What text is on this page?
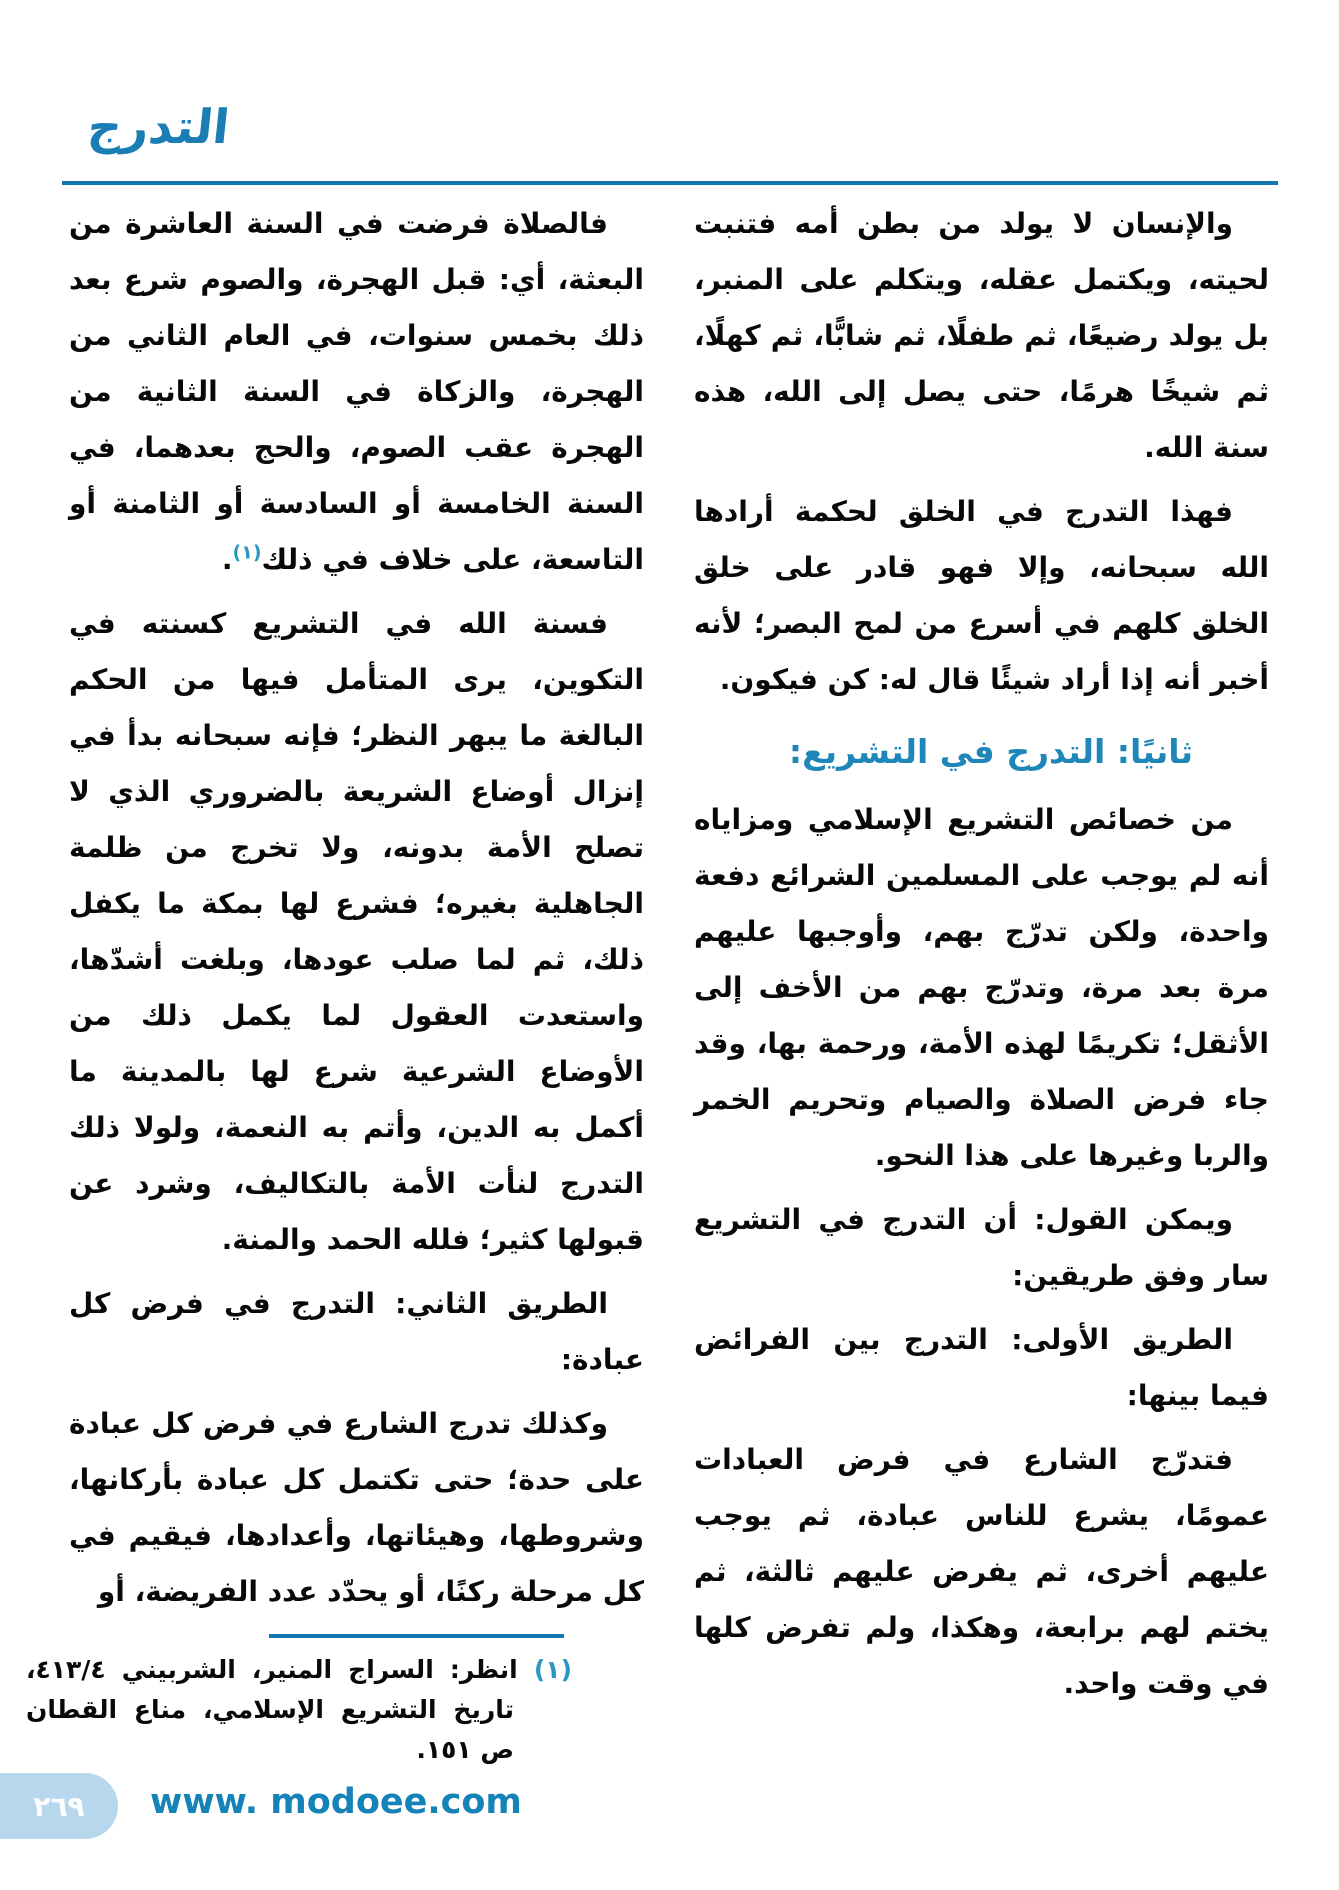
التدرج

والإنسان لا يولد من بطن أمه فتنبت لحيته، ويكتمل عقله، ويتكلم على المنبر، بل يولد رضيعًا، ثم طفلًا، ثم شابًّا، ثم كهلًا، ثم شيخًا هرمًا، حتى يصل إلى الله، هذه سنة الله.

فهذا التدرج في الخلق لحكمة أرادها الله سبحانه، وإلا فهو قادر على خلق الخلق كلهم في أسرع من لمح البصر؛ لأنه أخبر أنه إذا أراد شيئًا قال له: كن فيكون.

ثانيًا: التدرج في التشريع:

من خصائص التشريع الإسلامي ومزاياه أنه لم يوجب على المسلمين الشرائع دفعة واحدة، ولكن تدرّج بهم، وأوجبها عليهم مرة بعد مرة، وتدرّج بهم من الأخف إلى الأثقل؛ تكريمًا لهذه الأمة، ورحمة بها، وقد جاء فرض الصلاة والصيام وتحريم الخمر والربا وغيرها على هذا النحو.

ويمكن القول: أن التدرج في التشريع سار وفق طريقين:

الطريق الأولى: التدرج بين الفرائض فيما بينها:

فتدرّج الشارع في فرض العبادات عمومًا، يشرع للناس عبادة، ثم يوجب عليهم أخرى، ثم يفرض عليهم ثالثة، ثم يختم لهم برابعة، وهكذا، ولم تفرض كلها في وقت واحد.

فالصلاة فرضت في السنة العاشرة من البعثة، أي: قبل الهجرة، والصوم شرع بعد ذلك بخمس سنوات، في العام الثاني من الهجرة، والزكاة في السنة الثانية من الهجرة عقب الصوم، والحج بعدهما، في السنة الخامسة أو السادسة أو الثامنة أو التاسعة، على خلاف في ذلك$^{(١)}$.

فسنة الله في التشريع كسنته في التكوين، يرى المتأمل فيها من الحكم البالغة ما يبهر النظر؛ فإنه سبحانه بدأ في إنزال أوضاع الشريعة بالضروري الذي لا تصلح الأمة بدونه، ولا تخرج من ظلمة الجاهلية بغيره؛ فشرع لها بمكة ما يكفل ذلك، ثم لما صلب عودها، وبلغت أشدّها، واستعدت العقول لما يكمل ذلك من الأوضاع الشرعية شرع لها بالمدينة ما أكمل به الدين، وأتم به النعمة، ولولا ذلك التدرج لنأت الأمة بالتكاليف، وشرد عن قبولها كثير؛ فلله الحمد والمنة.

الطريق الثاني: التدرج في فرض كل عبادة:

وكذلك تدرج الشارع في فرض كل عبادة على حدة؛ حتى تكتمل كل عبادة بأركانها، وشروطها، وهيئاتها، وأعدادها، فيقيم في كل مرحلة ركنًا، أو يحدّد عدد الفريضة، أو

(١) انظر: السراج المنير، الشربيني ٤١٣/٤، تاريخ التشريع الإسلامي، مناع القطان ص ١٥١.
٢٦٩ www. modoee.com
